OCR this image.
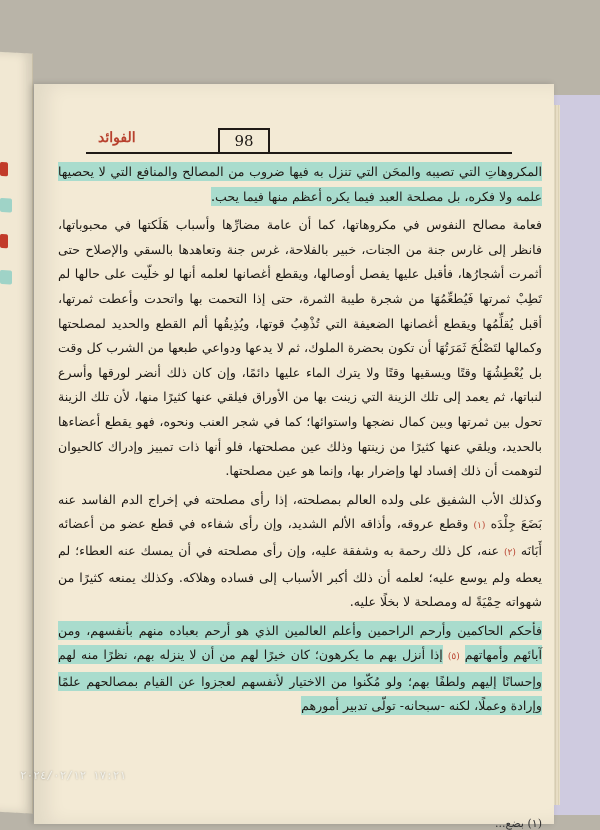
98
الفوائد

المكروهاتِ التي تصيبه والمحَن التي تنزل به فيها ضروب من المصالح والمنافع التي لا يحصيها علمه ولا فكره، بل مصلحة العبد فيما يكره أعظم منها فيما يحب.

فعامة مصالح النفوس في مكروهاتها، كما أن عامة مضارِّها وأسباب هَلَكتها في محبوباتها، فانظر إلى غارس جنة من الجنات، خبير بالفلاحة، غرس جنة وتعاهدها بالسقي والإصلاح حتى أثمرت أشجارُها، فأقبل عليها يفصل أوصالها، ويقطع أغصانها لعلمه أنها لو خلّيت على حالها لم تَطِبْ ثمرتها فَيُطعِّمُهَا من شجرة طيبة الثمرة، حتى إذا التحمت بها واتحدت وأعطت ثمرتها، أقبل يُقلِّمُها ويقطع أغصانها الضعيفة التي تُذْهِبُ قوتها، ويُذِيقُها ألم القطع والحديد لمصلحتها وكمالها لتَصْلُحَ ثَمَرَتُهَا أن تكون بحضرة الملوك، ثم لا يدعها ودواعي طبعها من الشرب كل وقت بل يُعْطِشُهَا وقتًا ويسقيها وقتًا ولا يترك الماء عليها دائمًا، وإن كان ذلك أنضر لورقها وأسرع لنباتها، ثم يعمد إلى تلك الزينة التي زينت بها من الأوراق فيلقي عنها كثيرًا منها، لأن تلك الزينة تحول بين ثمرتها وبين كمال نضجها واستوائها؛ كما في شجر العنب ونحوه، فهو يقطع أعضاءها بالحديد، ويلقي عنها كثيرًا من زينتها وذلك عين مصلحتها، فلو أنها ذات تمييز وإدراك كالحيوان لتوهمت أن ذلك إفساد لها وإضرار بها، وإنما هو عين مصلحتها.

وكذلك الأب الشفيق على ولده العالم بمصلحته، إذا رأى مصلحته في إخراج الدم الفاسد عنه بَضَعَ جِلْدَه (١) وقطع عروقه، وأذاقه الألم الشديد، وإن رأى شفاءه في قطع عضو من أعضائه أَبَانَه (٢) عنه، كل ذلك رحمة به وشفقة عليه، وإن رأى مصلحته في أن يمسك عنه العطاء؛ لم يعطه ولم يوسع عليه؛ لعلمه أن ذلك أكبر الأسباب إلى فساده وهلاكه. وكذلك يمنعه كثيرًا من شهواته حِمْيَةً له ومصلحة لا بخلًا عليه.

فأحكم الحاكمين وأرحم الراحمين وأعلم العالمين الذي هو أرحم بعباده منهم بأنفسهم، ومن آبائهم وأمهاتهم (٥) إذا أنزل بهم ما يكرهون؛ كان خيرًا لهم من أن لا ينزله بهم، نظرًا منه لهم وإحسانًا إليهم ولطفًا بهم؛ ولو مُكّنوا من الاختيار لأنفسهم لعجزوا عن القيام بمصالحهم علمًا وإرادة وعملًا، لكنه -سبحانه- تولّى تدبير أمورهم

(١) بضع...
١٧:٢١ ٢٠٢٤/٠٢/١٢
